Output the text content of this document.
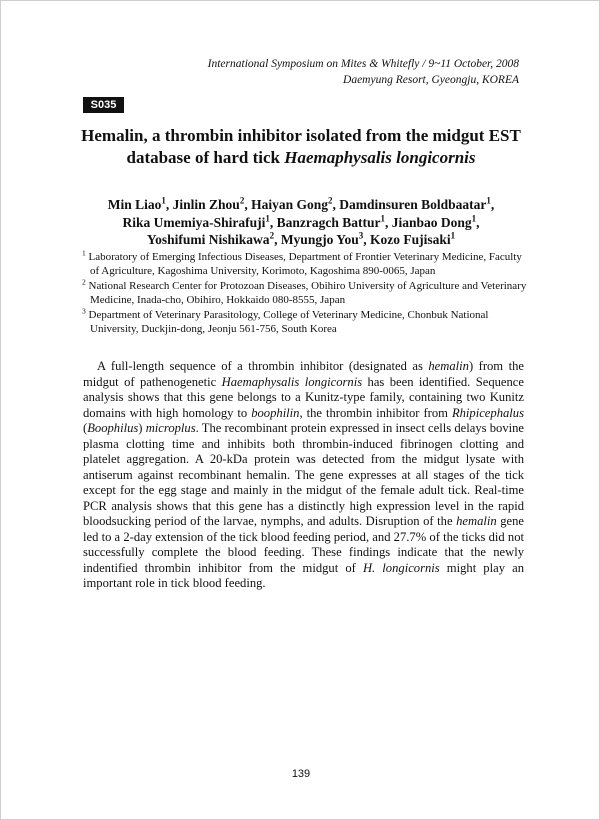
International Symposium on Mites & Whitefly / 9~11 October, 2008
Daemyung Resort, Gyeongju, KOREA
S035
Hemalin, a thrombin inhibitor isolated from the midgut EST
database of hard tick Haemaphysalis longicornis
Min Liao$^1$, Jinlin Zhou$^2$, Haiyan Gong$^2$, Damdinsuren Boldbaatar$^1$,
Rika Umemiya-Shirafuji$^1$, Banzragch Battur$^1$, Jianbao Dong$^1$,
Yoshifumi Nishikawa$^2$, Myungjo You$^3$, Kozo Fujisaki$^1$
$^1$ Laboratory of Emerging Infectious Diseases, Department of Frontier Veterinary Medicine, Faculty of Agriculture, Kagoshima University, Korimoto, Kagoshima 890-0065, Japan
$^2$ National Research Center for Protozoan Diseases, Obihiro University of Agriculture and Veterinary Medicine, Inada-cho, Obihiro, Hokkaido 080-8555, Japan
$^3$ Department of Veterinary Parasitology, College of Veterinary Medicine, Chonbuk National University, Duckjin-dong, Jeonju 561-756, South Korea

A full-length sequence of a thrombin inhibitor (designated as hemalin) from the midgut of pathenogenetic Haemaphysalis longicornis has been identified. Sequence analysis shows that this gene belongs to a Kunitz-type family, containing two Kunitz domains with high homology to boophilin, the thrombin inhibitor from Rhipicephalus (Boophilus) microplus. The recombinant protein expressed in insect cells delays bovine plasma clotting time and inhibits both thrombin-induced fibrinogen clotting and platelet aggregation. A 20-kDa protein was detected from the midgut lysate with antiserum against recombinant hemalin. The gene expresses at all stages of the tick except for the egg stage and mainly in the midgut of the female adult tick. Real-time PCR analysis shows that this gene has a distinctly high expression level in the rapid bloodsucking period of the larvae, nymphs, and adults. Disruption of the hemalin gene led to a 2-day extension of the tick blood feeding period, and 27.7% of the ticks did not successfully complete the blood feeding. These findings indicate that the newly indentified thrombin inhibitor from the midgut of H. longicornis might play an important role in tick blood feeding.

139
